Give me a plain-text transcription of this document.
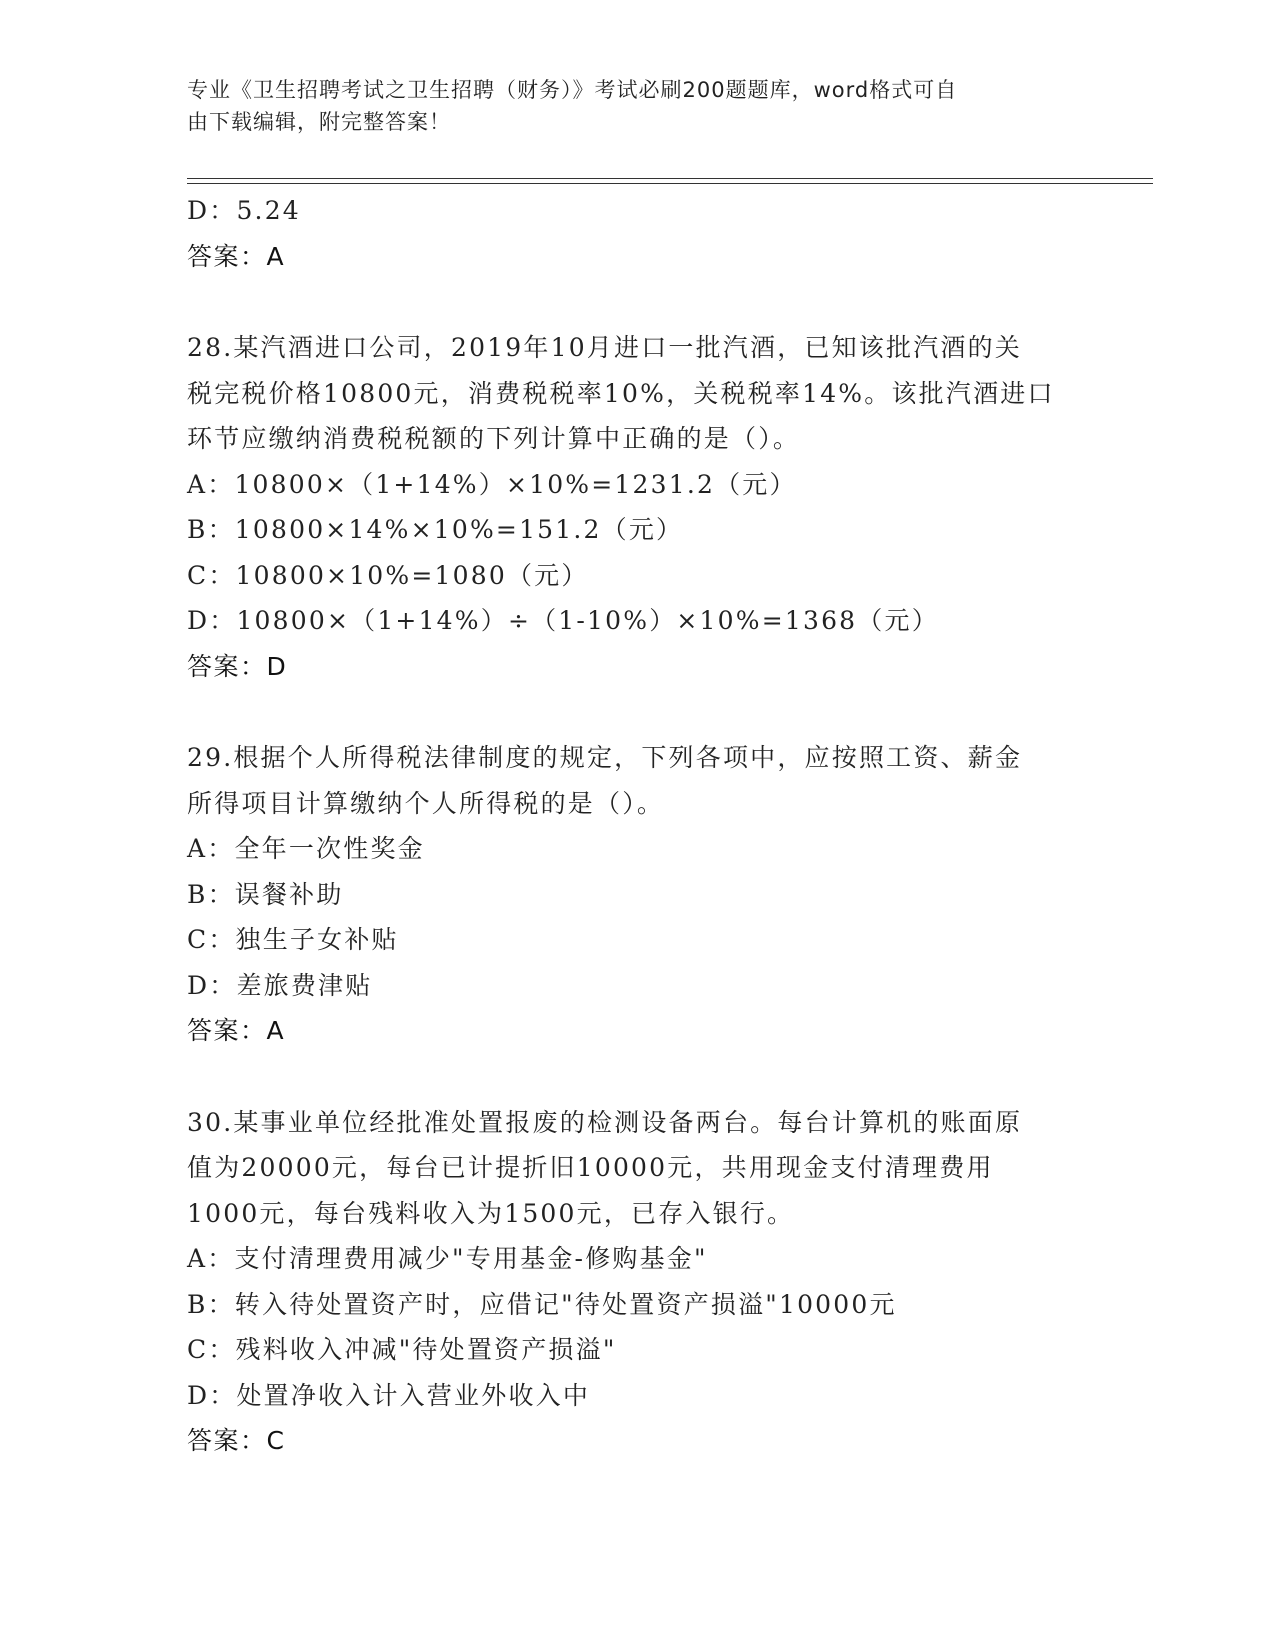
专业《卫生招聘考试之卫生招聘（财务）》考试必刷200题题库，word格式可自
由下载编辑，附完整答案！
D：5.24
答案：A
28.某汽酒进口公司，2019年10月进口一批汽酒，已知该批汽酒的关
税完税价格10800元，消费税税率10%，关税税率14%。该批汽酒进口
环节应缴纳消费税税额的下列计算中正确的是（）。
A：10800×（1+14%）×10%=1231.2（元）
B：10800×14%×10%=151.2（元）
C：10800×10%=1080（元）
D：10800×（1+14%）÷（1-10%）×10%=1368（元）
答案：D
29.根据个人所得税法律制度的规定，下列各项中，应按照工资、薪金
所得项目计算缴纳个人所得税的是（）。
A：全年一次性奖金
B：误餐补助
C：独生子女补贴
D：差旅费津贴
答案：A
30.某事业单位经批准处置报废的检测设备两台。每台计算机的账面原
值为20000元，每台已计提折旧10000元，共用现金支付清理费用
1000元，每台残料收入为1500元，已存入银行。
A：支付清理费用减少"专用基金-修购基金"
B：转入待处置资产时，应借记"待处置资产损溢"10000元
C：残料收入冲减"待处置资产损溢"
D：处置净收入计入营业外收入中
答案：C
